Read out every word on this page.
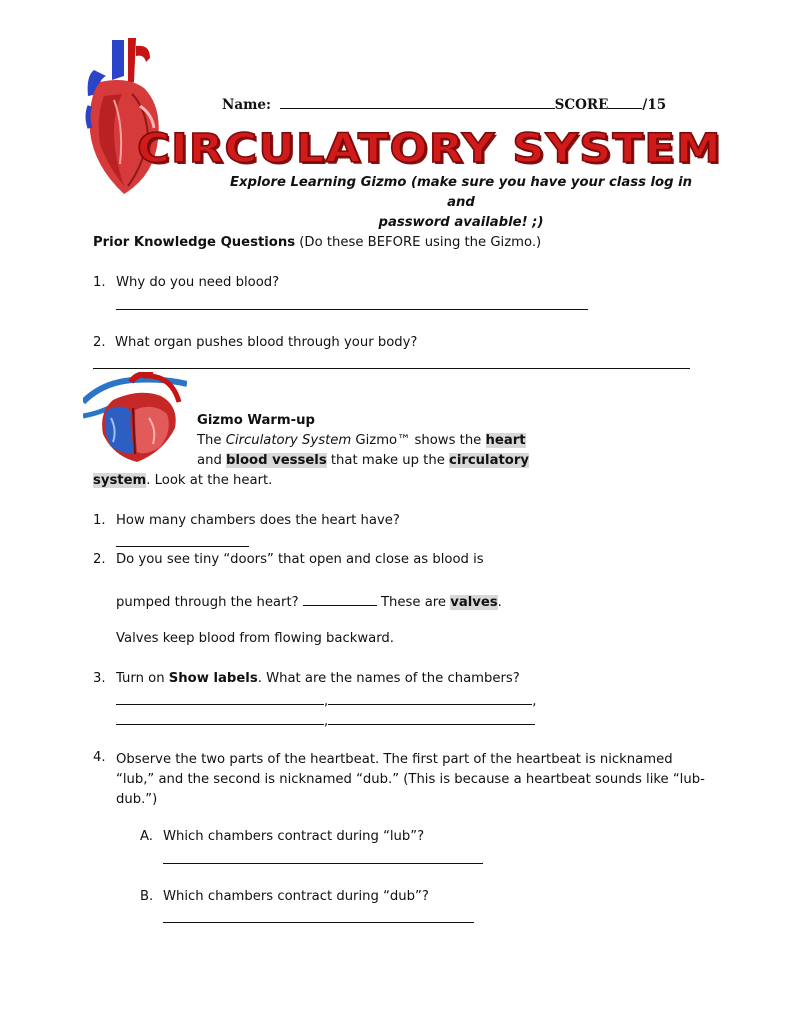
Name:	SCORE	/15
CIRCULATORY SYSTEM
Explore Learning Gizmo (make sure you have your class log in and
password available! ;)
Prior Knowledge Questions (Do these BEFORE using the Gizmo.)
1. Why do you need blood?
2. What organ pushes blood through your body?
Gizmo Warm-up
The Circulatory System Gizmo™ shows the heart
and blood vessels that make up the circulatory
system. Look at the heart.
1. How many chambers does the heart have?
2. Do you see tiny “doors” that open and close as blood is
pumped through the heart?	These are valves.
Valves keep blood from flowing backward.
3. Turn on Show labels. What are the names of the chambers?
,	,
,
4. Observe the two parts of the heartbeat. The first part of the heartbeat is nicknamed
“lub,” and the second is nicknamed “dub.” (This is because a heartbeat sounds like “lub-
dub.”)
A. Which chambers contract during “lub”?
B. Which chambers contract during “dub”?
